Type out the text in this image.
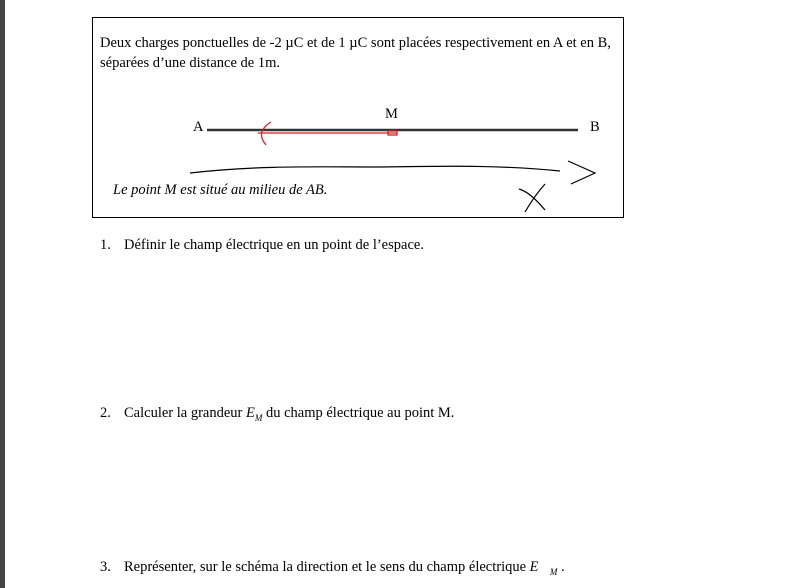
Deux charges ponctuelles de -2 µC et de 1 µC sont placées respectivement en A et en B,
séparées d’une distance de 1m.
A	B
M
Le point M est situé au milieu de AB.
1. Définir le champ électrique en un point de l’espace.
2. Calculer la grandeur $E_M$ du champ électrique au point M.
3. Représenter, sur le schéma la direction et le sens du champ électrique $E⃗_M$ .
